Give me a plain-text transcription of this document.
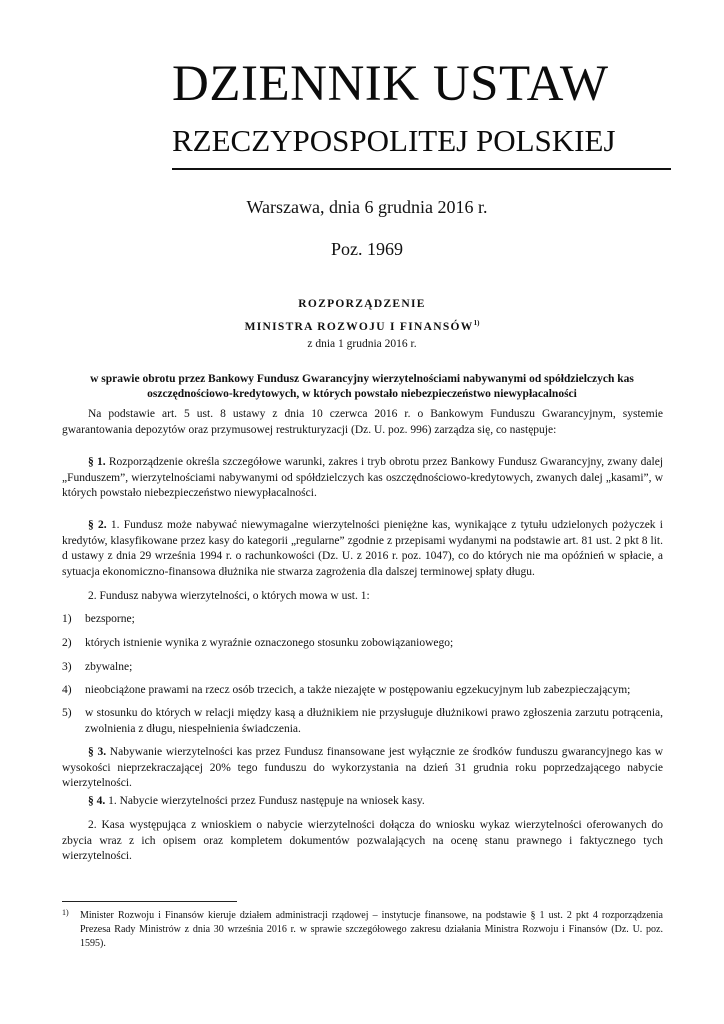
DZIENNIK USTAW
RZECZYPOSPOLITEJ POLSKIEJ
Warszawa, dnia 6 grudnia 2016 r.
Poz. 1969
ROZPORZĄDZENIE
MINISTRA ROZWOJU I FINANSÓW$^{1)}$
z dnia 1 grudnia 2016 r.
w sprawie obrotu przez Bankowy Fundusz Gwarancyjny wierzytelnościami nabywanymi od spółdzielczych kas oszczędnościowo-kredytowych, w których powstało niebezpieczeństwo niewypłacalności
Na podstawie art. 5 ust. 8 ustawy z dnia 10 czerwca 2016 r. o Bankowym Funduszu Gwarancyjnym, systemie gwarantowania depozytów oraz przymusowej restrukturyzacji (Dz. U. poz. 996) zarządza się, co następuje:
§ 1. Rozporządzenie określa szczegółowe warunki, zakres i tryb obrotu przez Bankowy Fundusz Gwarancyjny, zwany dalej „Funduszem”, wierzytelnościami nabywanymi od spółdzielczych kas oszczędnościowo-kredytowych, zwanych dalej „kasami”, w których powstało niebezpieczeństwo niewypłacalności.
§ 2. 1. Fundusz może nabywać niewymagalne wierzytelności pieniężne kas, wynikające z tytułu udzielonych pożyczek i kredytów, klasyfikowane przez kasy do kategorii „regularne” zgodnie z przepisami wydanymi na podstawie art. 81 ust. 2 pkt 8 lit. d ustawy z dnia 29 września 1994 r. o rachunkowości (Dz. U. z 2016 r. poz. 1047), co do których nie ma opóźnień w spłacie, a sytuacja ekonomiczno-finansowa dłużnika nie stwarza zagrożenia dla dalszej terminowej spłaty długu.
2. Fundusz nabywa wierzytelności, o których mowa w ust. 1:
1)	bezsporne;
2)	których istnienie wynika z wyraźnie oznaczonego stosunku zobowiązaniowego;
3)	zbywalne;
4)	nieobciążone prawami na rzecz osób trzecich, a także niezajęte w postępowaniu egzekucyjnym lub zabezpieczającym;
5)	w stosunku do których w relacji między kasą a dłużnikiem nie przysługuje dłużnikowi prawo zgłoszenia zarzutu potrącenia, zwolnienia z długu, niespełnienia świadczenia.
§ 3. Nabywanie wierzytelności kas przez Fundusz finansowane jest wyłącznie ze środków funduszu gwarancyjnego kas w wysokości nieprzekraczającej 20% tego funduszu do wykorzystania na dzień 31 grudnia roku poprzedzającego nabycie wierzytelności.
§ 4. 1. Nabycie wierzytelności przez Fundusz następuje na wniosek kasy.
2. Kasa występująca z wnioskiem o nabycie wierzytelności dołącza do wniosku wykaz wierzytelności oferowanych do zbycia wraz z ich opisem oraz kompletem dokumentów pozwalających na ocenę stanu prawnego i faktycznego tych wierzytelności.
1) Minister Rozwoju i Finansów kieruje działem administracji rządowej – instytucje finansowe, na podstawie § 1 ust. 2 pkt 4 rozporządzenia Prezesa Rady Ministrów z dnia 30 września 2016 r. w sprawie szczegółowego zakresu działania Ministra Rozwoju i Finansów (Dz. U. poz. 1595).
